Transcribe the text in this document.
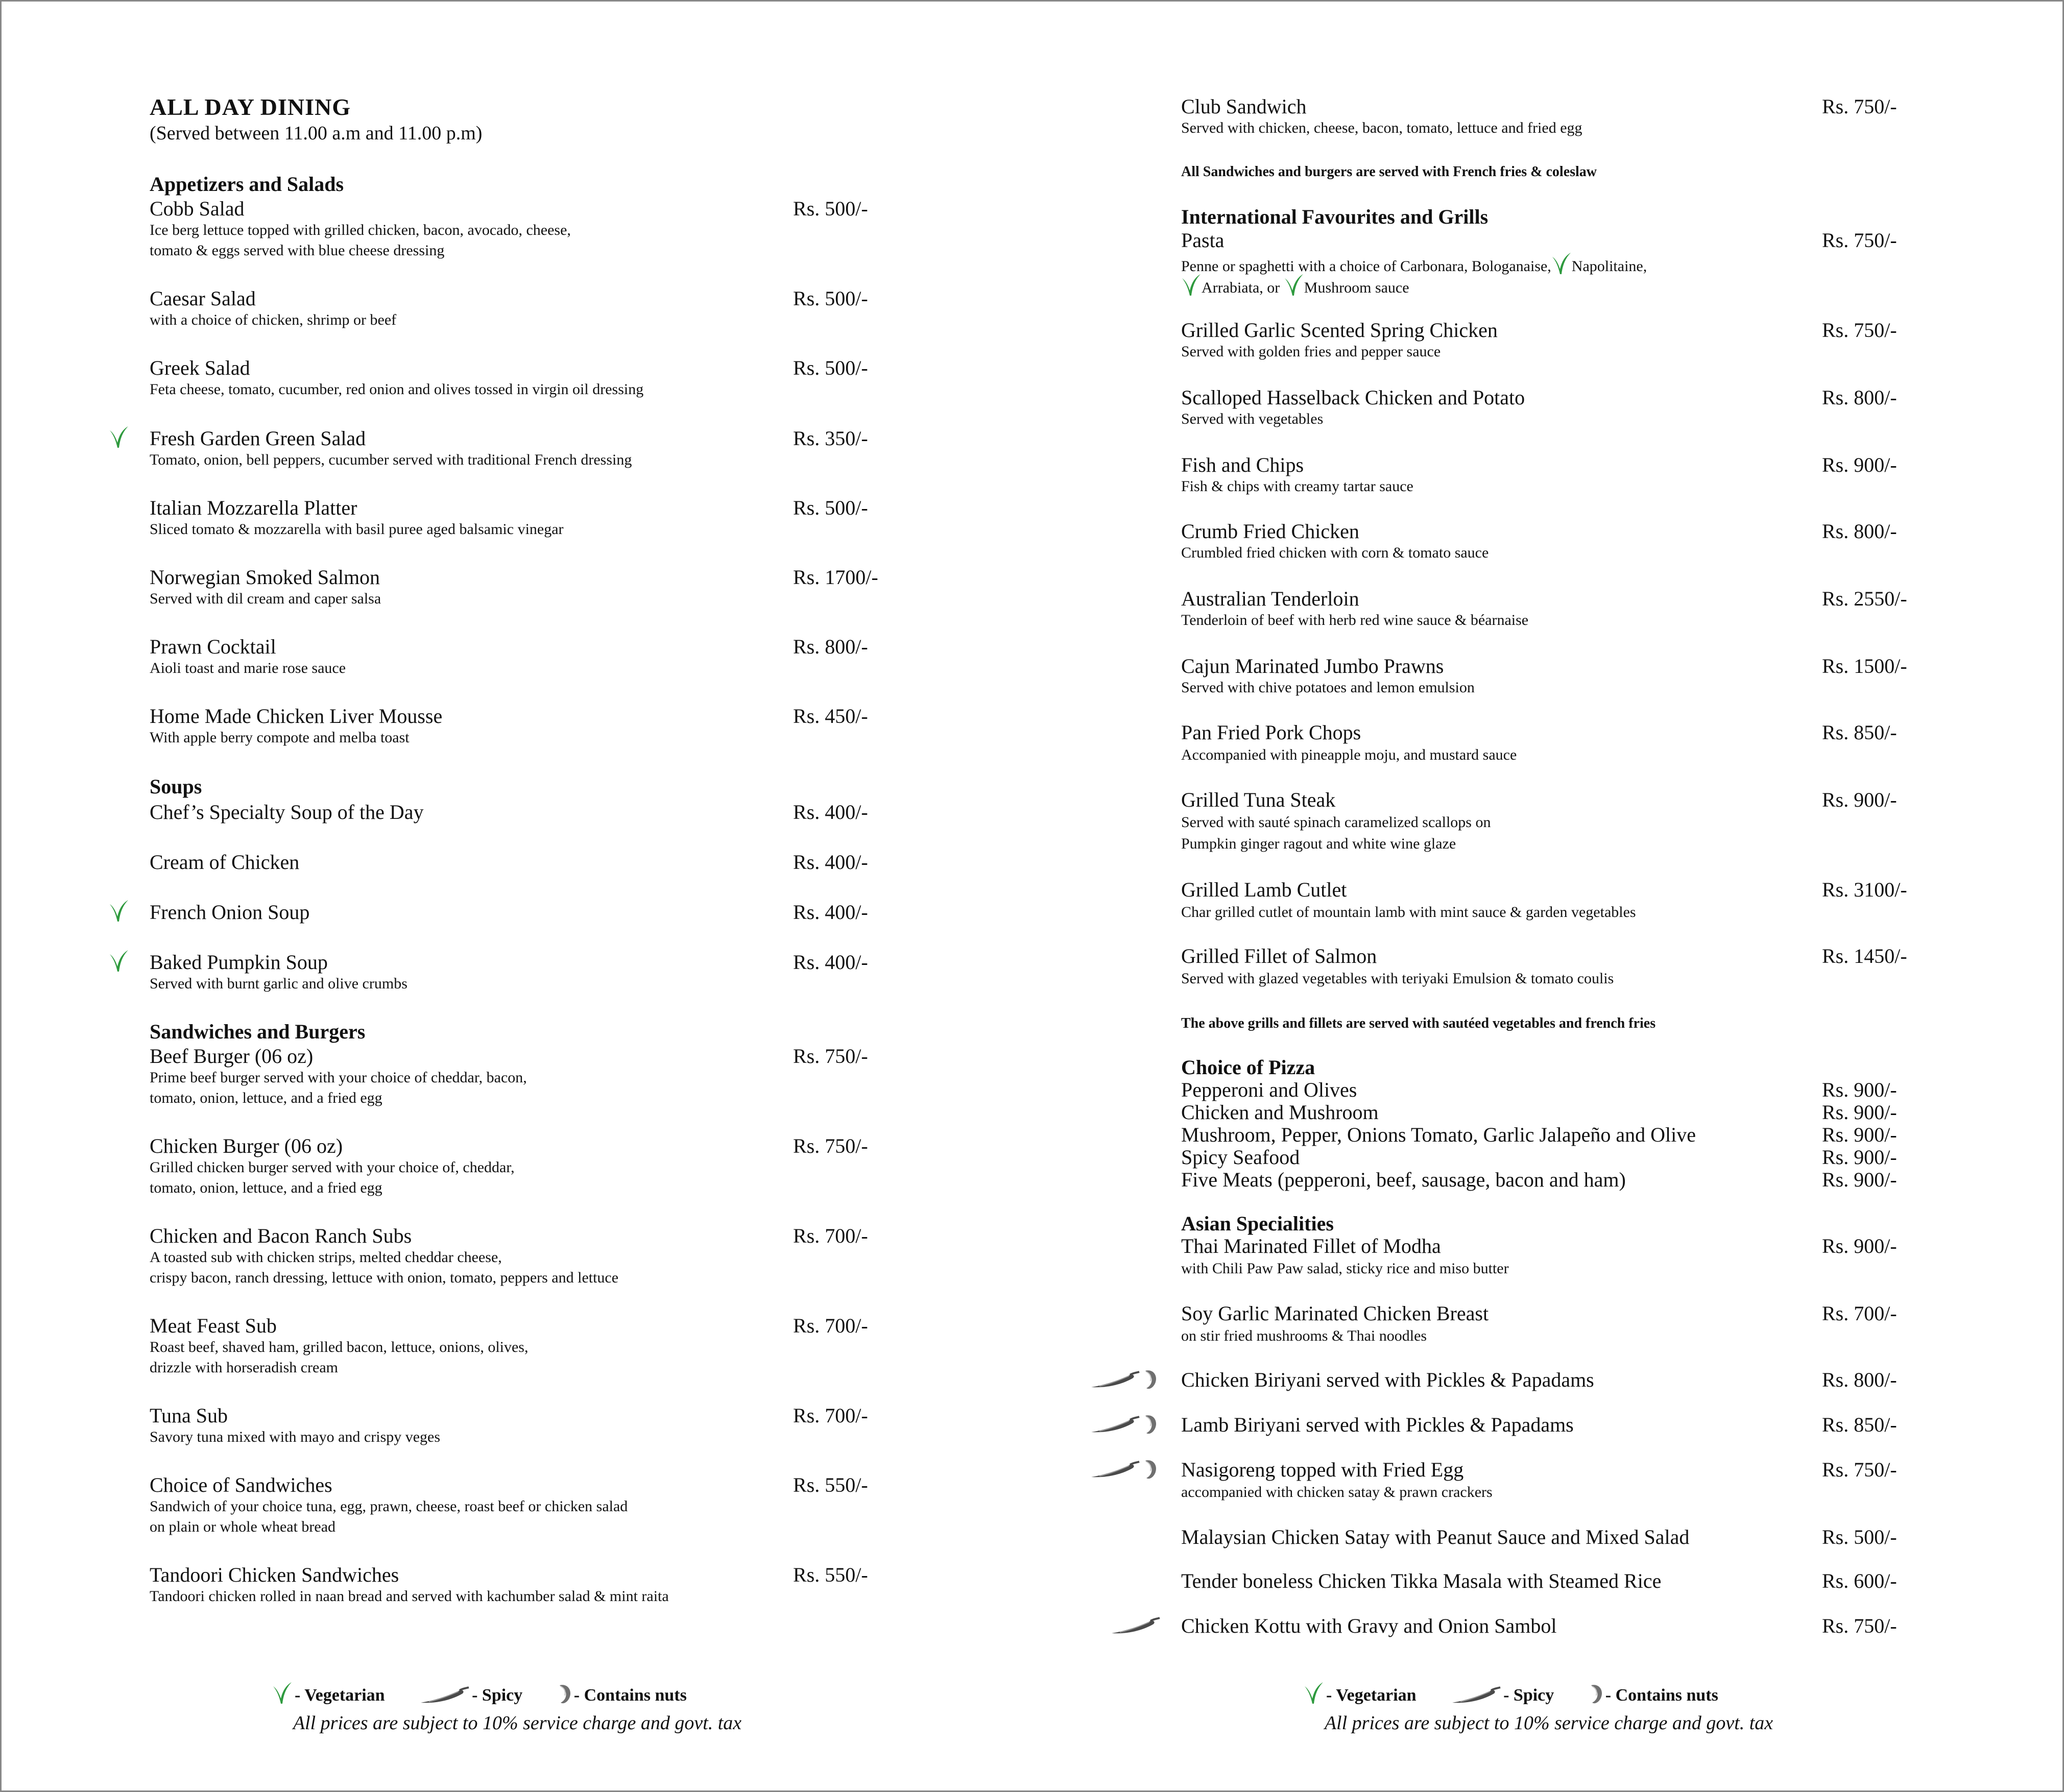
ALL DAY DINING
(Served between 11.00 a.m and 11.00 p.m)
Appetizers and Salads
Cobb Salad	Rs. 500/-
Ice berg lettuce topped with grilled chicken, bacon, avocado, cheese,
tomato & eggs served with blue cheese dressing
Caesar Salad	Rs. 500/-
with a choice of chicken, shrimp or beef
Greek Salad	Rs. 500/-
Feta cheese, tomato, cucumber, red onion and olives tossed in virgin oil dressing
Fresh Garden Green Salad	Rs. 350/-
Tomato, onion, bell peppers, cucumber served with traditional French dressing
Italian Mozzarella Platter	Rs. 500/-
Sliced tomato & mozzarella with basil puree aged balsamic vinegar
Norwegian Smoked Salmon	Rs. 1700/-
Served with dil cream and caper salsa
Prawn Cocktail	Rs. 800/-
Aioli toast and marie rose sauce
Home Made Chicken Liver Mousse	Rs. 450/-
With apple berry compote and melba toast
Soups
Chef’s Specialty Soup of the Day	Rs. 400/-
Cream of Chicken	Rs. 400/-
French Onion Soup	Rs. 400/-
Baked Pumpkin Soup	Rs. 400/-
Served with burnt garlic and olive crumbs
Sandwiches and Burgers
Beef Burger (06 oz)	Rs. 750/-
Prime beef burger served with your choice of cheddar, bacon,
tomato, onion, lettuce, and a fried egg
Chicken Burger (06 oz)	Rs. 750/-
Grilled chicken burger served with your choice of, cheddar,
tomato, onion, lettuce, and a fried egg
Chicken and Bacon Ranch Subs	Rs. 700/-
A toasted sub with chicken strips, melted cheddar cheese,
crispy bacon, ranch dressing, lettuce with onion, tomato, peppers and lettuce
Meat Feast Sub	Rs. 700/-
Roast beef, shaved ham, grilled bacon, lettuce, onions, olives,
drizzle with horseradish cream
Tuna Sub	Rs. 700/-
Savory tuna mixed with mayo and crispy veges
Choice of Sandwiches	Rs. 550/-
Sandwich of your choice tuna, egg, prawn, cheese, roast beef or chicken salad
on plain or whole wheat bread
Tandoori Chicken Sandwiches	Rs. 550/-
Tandoori chicken rolled in naan bread and served with kachumber salad & mint raita
- Vegetarian	- Spicy	- Contains nuts
All prices are subject to 10% service charge and govt. tax
Club Sandwich	Rs. 750/-
Served with chicken, cheese, bacon, tomato, lettuce and fried egg
All Sandwiches and burgers are served with French fries & coleslaw
International Favourites and Grills
Pasta	Rs. 750/-
Penne or spaghetti with a choice of Carbonara, Bologanaise, Napolitaine,
Arrabiata, or Mushroom sauce
Grilled Garlic Scented Spring Chicken	Rs. 750/-
Served with golden fries and pepper sauce
Scalloped Hasselback Chicken and Potato	Rs. 800/-
Served with vegetables
Fish and Chips	Rs. 900/-
Fish & chips with creamy tartar sauce
Crumb Fried Chicken	Rs. 800/-
Crumbled fried chicken with corn & tomato sauce
Australian Tenderloin	Rs. 2550/-
Tenderloin of beef with herb red wine sauce & béarnaise
Cajun Marinated Jumbo Prawns	Rs. 1500/-
Served with chive potatoes and lemon emulsion
Pan Fried Pork Chops	Rs. 850/-
Accompanied with pineapple moju, and mustard sauce
Grilled Tuna Steak	Rs. 900/-
Served with sauté spinach caramelized scallops on
Pumpkin ginger ragout and white wine glaze
Grilled Lamb Cutlet	Rs. 3100/-
Char grilled cutlet of mountain lamb with mint sauce & garden vegetables
Grilled Fillet of Salmon	Rs. 1450/-
Served with glazed vegetables with teriyaki Emulsion & tomato coulis
The above grills and fillets are served with sautéed vegetables and french fries
Choice of Pizza
Pepperoni and Olives	Rs. 900/-
Chicken and Mushroom	Rs. 900/-
Mushroom, Pepper, Onions Tomato, Garlic Jalapeño and Olive	Rs. 900/-
Spicy Seafood	Rs. 900/-
Five Meats (pepperoni, beef, sausage, bacon and ham)	Rs. 900/-
Asian Specialities
Thai Marinated Fillet of Modha	Rs. 900/-
with Chili Paw Paw salad, sticky rice and miso butter
Soy Garlic Marinated Chicken Breast	Rs. 700/-
on stir fried mushrooms & Thai noodles
Chicken Biriyani served with Pickles & Papadams	Rs. 800/-
Lamb Biriyani served with Pickles & Papadams	Rs. 850/-
Nasigoreng topped with Fried Egg	Rs. 750/-
accompanied with chicken satay & prawn crackers
Malaysian Chicken Satay with Peanut Sauce and Mixed Salad	Rs. 500/-
Tender boneless Chicken Tikka Masala with Steamed Rice	Rs. 600/-
Chicken Kottu with Gravy and Onion Sambol	Rs. 750/-
- Vegetarian	- Spicy	- Contains nuts
All prices are subject to 10% service charge and govt. tax
